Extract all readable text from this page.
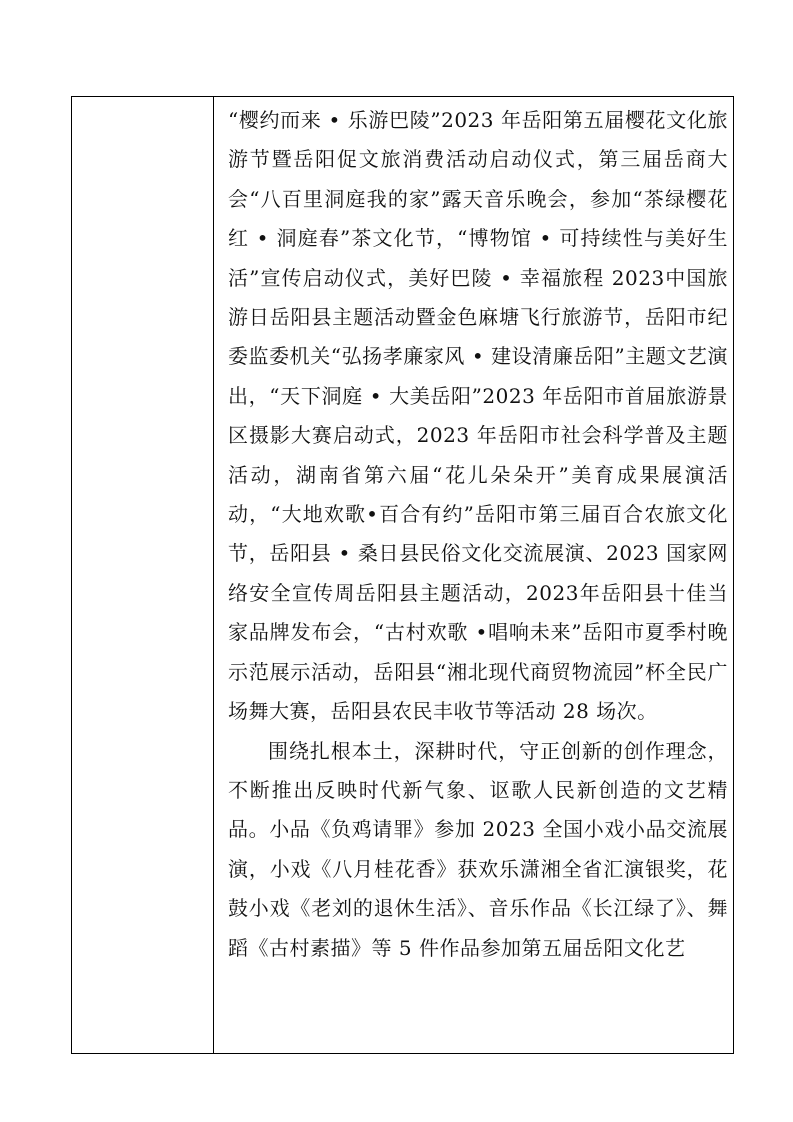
“樱约而来 • 乐游巴陵”2023 年岳阳第五届樱花文化旅游节暨岳阳促文旅消费活动启动仪式，第三届岳商大会“八百里洞庭我的家”露天音乐晚会，参加“茶绿樱花红 • 洞庭春”茶文化节，“博物馆 • 可持续性与美好生活”宣传启动仪式，美好巴陵 • 幸福旅程 2023中国旅游日岳阳县主题活动暨金色麻塘飞行旅游节，岳阳市纪委监委机关“弘扬孝廉家风 • 建设清廉岳阳”主题文艺演出，“天下洞庭 • 大美岳阳”2023 年岳阳市首届旅游景区摄影大赛启动式，2023 年岳阳市社会科学普及主题活动，湖南省第六届“花儿朵朵开”美育成果展演活动，“大地欢歌•百合有约”岳阳市第三届百合农旅文化节，岳阳县 • 桑日县民俗文化交流展演、2023 国家网络安全宣传周岳阳县主题活动，2023年岳阳县十佳当家品牌发布会，“古村欢歌 •唱响未来”岳阳市夏季村晚示范展示活动，岳阳县“湘北现代商贸物流园”杯全民广场舞大赛，岳阳县农民丰收节等活动 28 场次。

围绕扎根本土，深耕时代，守正创新的创作理念，不断推出反映时代新气象、讴歌人民新创造的文艺精品。小品《负鸡请罪》参加 2023 全国小戏小品交流展演，小戏《八月桂花香》获欢乐潇湘全省汇演银奖，花鼓小戏《老刘的退休生活》、音乐作品《长江绿了》、舞蹈《古村素描》等 5 件作品参加第五届岳阳文化艺
